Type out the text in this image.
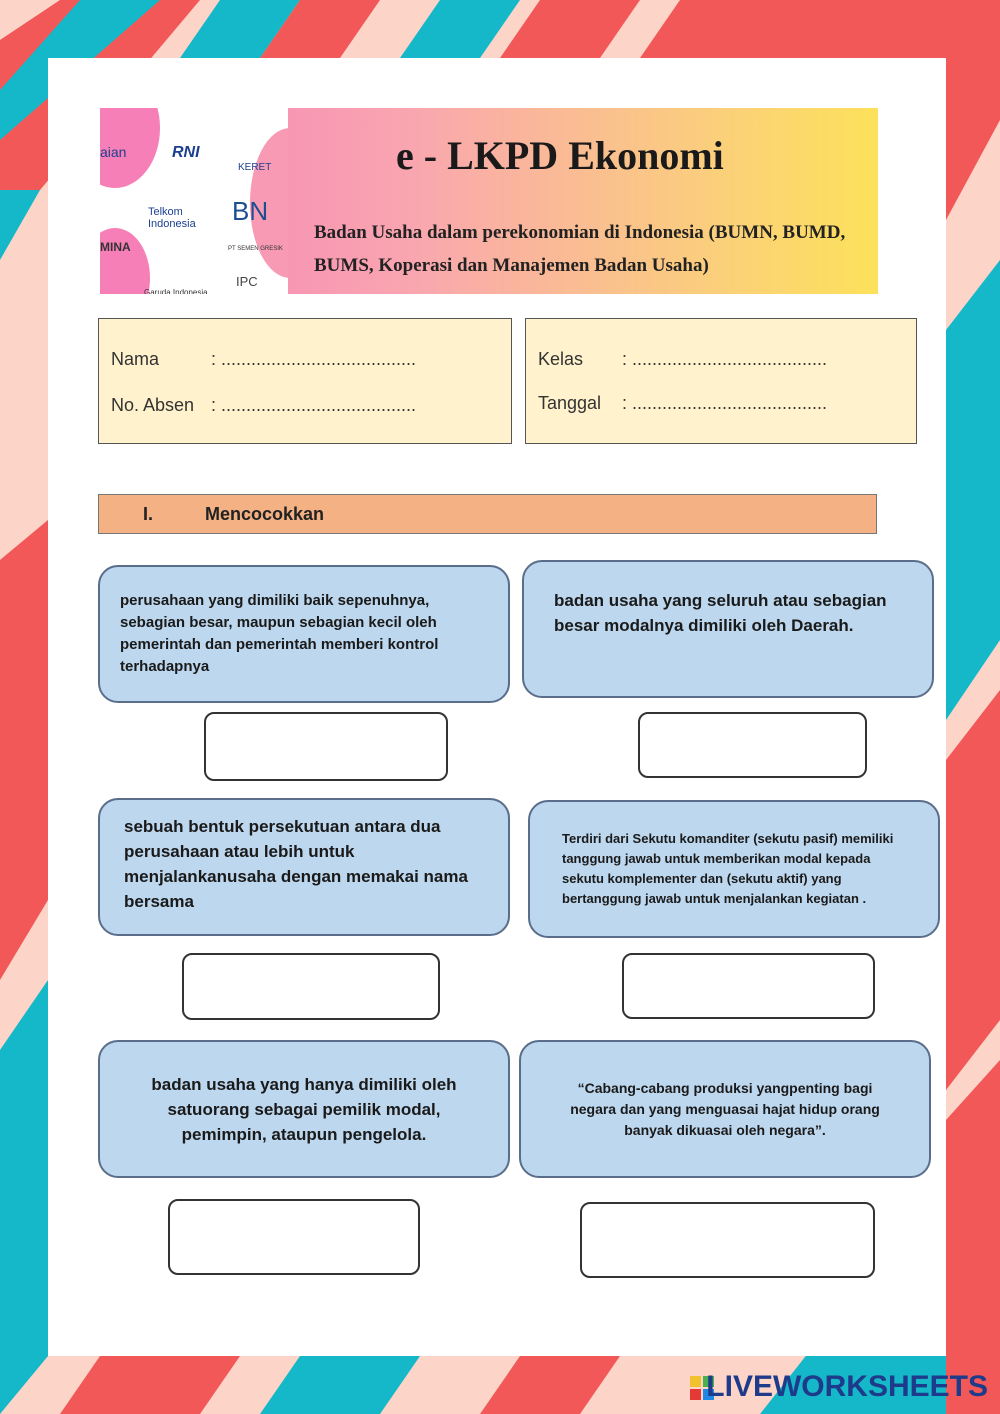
aian	RNI
KERET
Telkom Indonesia	BN
MINA	PT SEMEN GRESIK
Garuda Indonesia
IPC
e - LKPD Ekonomi
Badan Usaha dalam perekonomian di Indonesia (BUMN, BUMD, BUMS, Koperasi dan Manajemen Badan Usaha)
Nama	: .......................................
No. Absen : .......................................
Kelas : .......................................
Tanggal : .......................................
I.	Mencocokkan
perusahaan yang dimiliki baik sepenuhnya, sebagian besar, maupun sebagian kecil oleh pemerintah dan pemerintah memberi kontrol terhadapnya
badan usaha yang seluruh atau sebagian besar modalnya dimiliki oleh Daerah.
sebuah bentuk persekutuan antara dua perusahaan atau lebih untuk menjalankanusaha dengan memakai nama bersama
Terdiri dari Sekutu komanditer (sekutu pasif) memiliki tanggung jawab untuk memberikan modal kepada sekutu komplementer dan (sekutu aktif) yang bertanggung jawab untuk menjalankan kegiatan .
badan usaha yang hanya dimiliki oleh satuorang sebagai pemilik modal, pemimpin, ataupun pengelola.
“Cabang-cabang produksi yangpenting bagi negara dan yang menguasai hajat hidup orang banyak dikuasai oleh negara”.
LIVEWORKSHEETS
